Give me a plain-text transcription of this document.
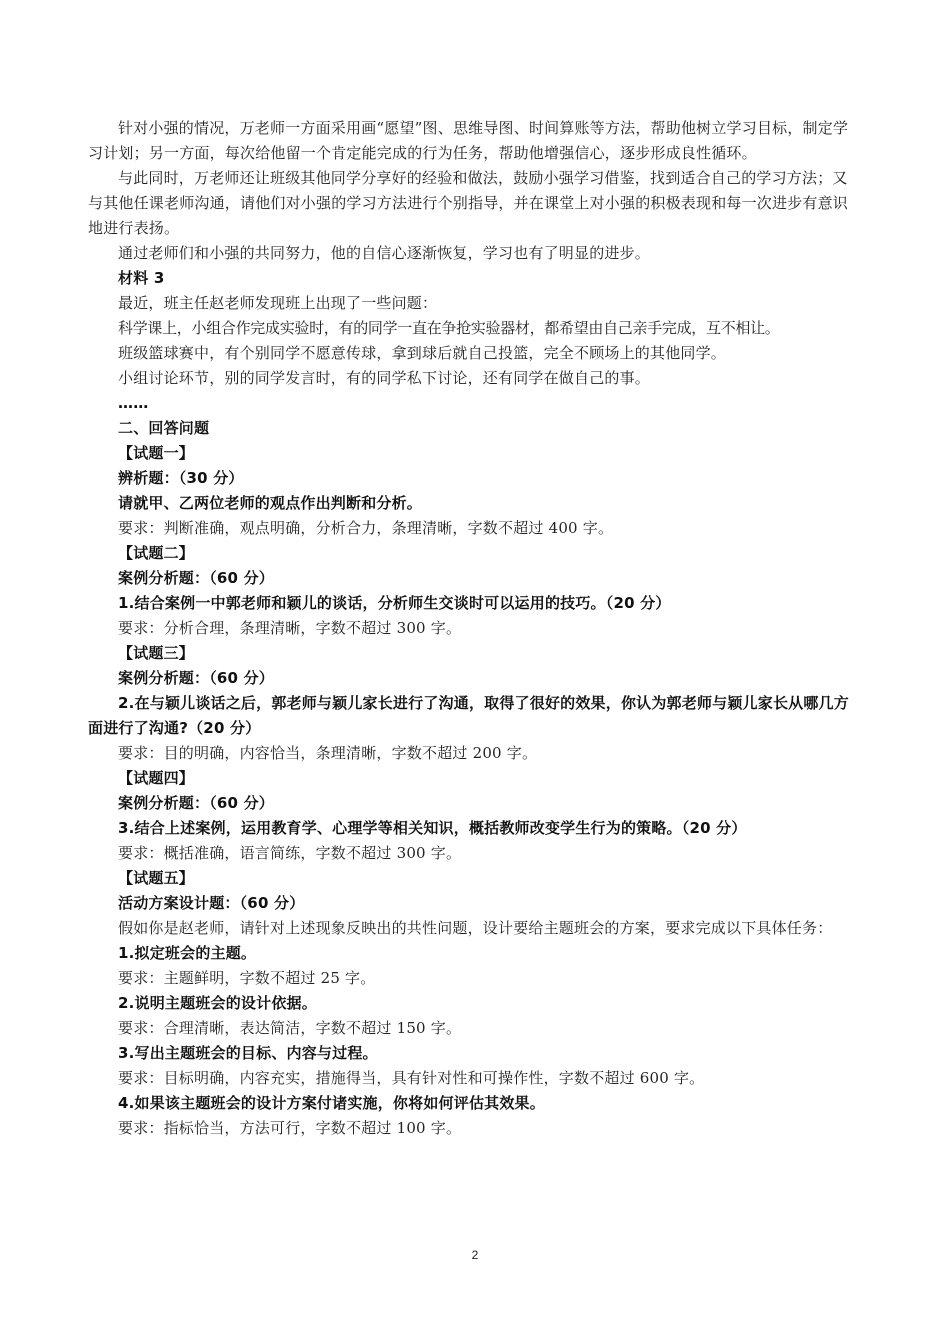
针对小强的情况，万老师一方面采用画“愿望”图、思维导图、时间算账等方法，帮助他树立学习目标，制定学习计划；另一方面，每次给他留一个肯定能完成的行为任务，帮助他增强信心，逐步形成良性循环。
与此同时，万老师还让班级其他同学分享好的经验和做法，鼓励小强学习借鉴，找到适合自己的学习方法；又与其他任课老师沟通，请他们对小强的学习方法进行个别指导，并在课堂上对小强的积极表现和每一次进步有意识地进行表扬。
通过老师们和小强的共同努力，他的自信心逐渐恢复，学习也有了明显的进步。
材料 3
最近，班主任赵老师发现班上出现了一些问题：
科学课上，小组合作完成实验时，有的同学一直在争抢实验器材，都希望由自己亲手完成，互不相让。
班级篮球赛中，有个别同学不愿意传球，拿到球后就自己投篮，完全不顾场上的其他同学。
小组讨论环节，别的同学发言时，有的同学私下讨论，还有同学在做自己的事。
……
二、回答问题
【试题一】
辨析题：（30 分）
请就甲、乙两位老师的观点作出判断和分析。
要求：判断准确，观点明确，分析合力，条理清晰，字数不超过 400 字。
【试题二】
案例分析题：（60 分）
1.结合案例一中郭老师和颖儿的谈话，分析师生交谈时可以运用的技巧。（20 分）
要求：分析合理，条理清晰，字数不超过 300 字。
【试题三】
案例分析题：（60 分）
2.在与颖儿谈话之后，郭老师与颖儿家长进行了沟通，取得了很好的效果，你认为郭老师与颖儿家长从哪几方面进行了沟通?（20 分）
要求：目的明确，内容恰当，条理清晰，字数不超过 200 字。
【试题四】
案例分析题：（60 分）
3.结合上述案例，运用教育学、心理学等相关知识，概括教师改变学生行为的策略。（20 分）
要求：概括准确，语言简练，字数不超过 300 字。
【试题五】
活动方案设计题：（60 分）
假如你是赵老师，请针对上述现象反映出的共性问题，设计要给主题班会的方案，要求完成以下具体任务：
1.拟定班会的主题。
要求：主题鲜明，字数不超过 25 字。
2.说明主题班会的设计依据。
要求：合理清晰，表达简洁，字数不超过 150 字。
3.写出主题班会的目标、内容与过程。
要求：目标明确，内容充实，措施得当，具有针对性和可操作性，字数不超过 600 字。
4.如果该主题班会的设计方案付诸实施，你将如何评估其效果。
要求：指标恰当，方法可行，字数不超过 100 字。
2
